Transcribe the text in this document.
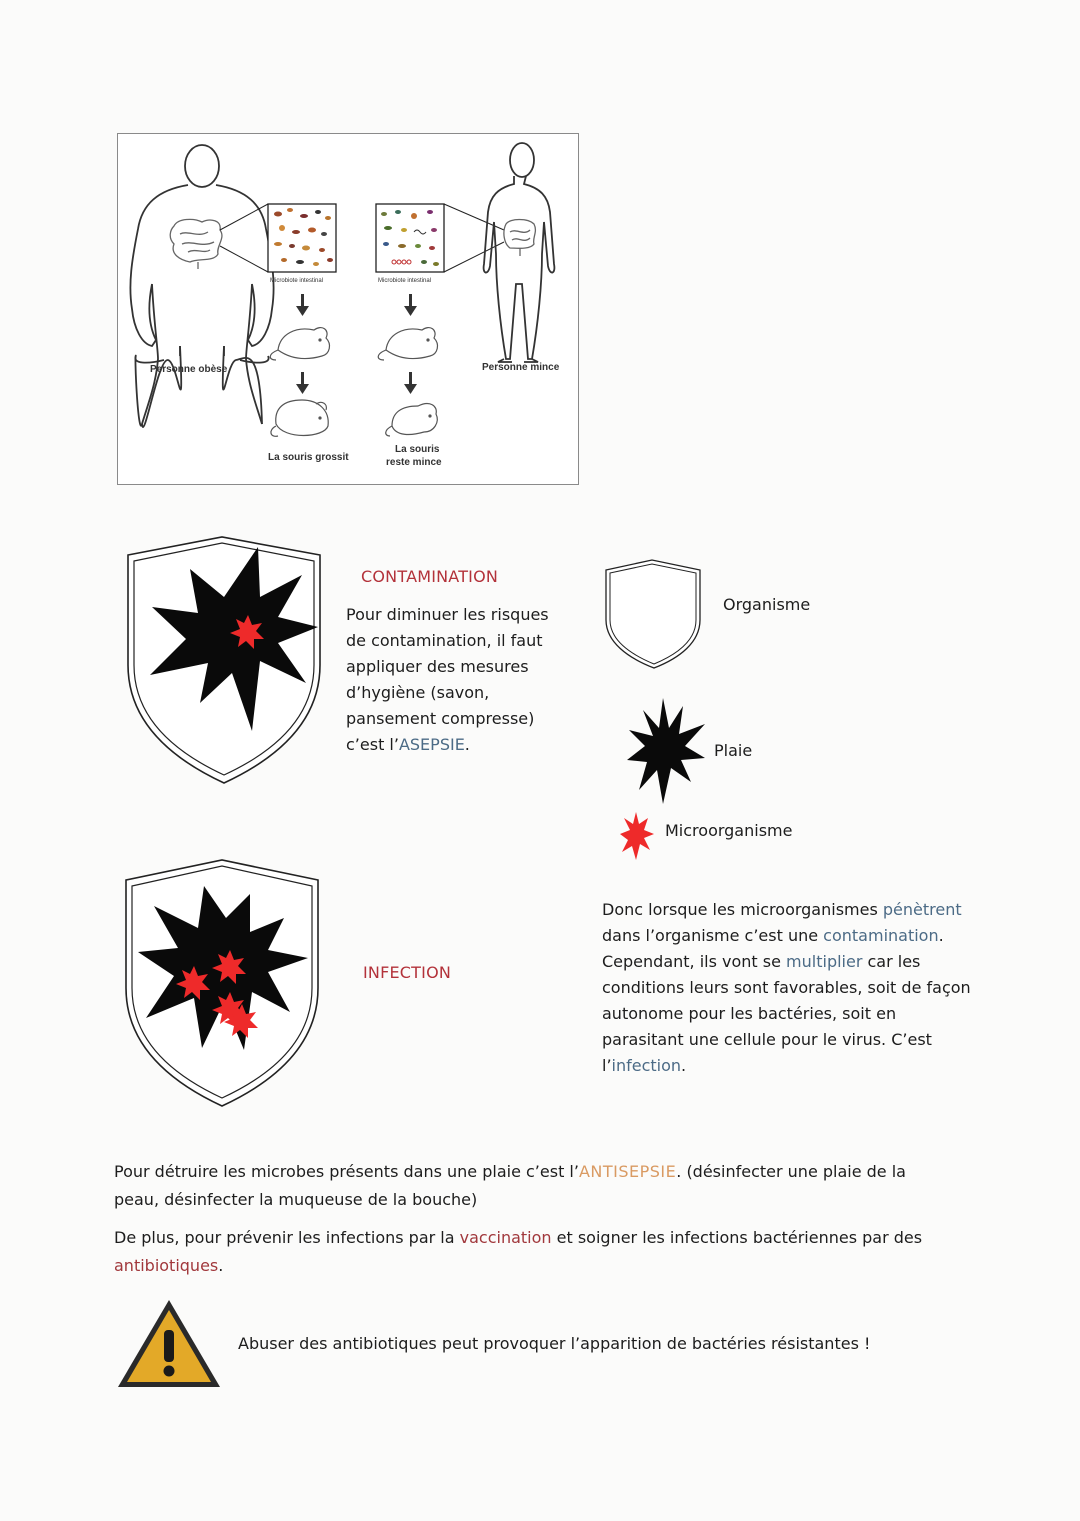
Personne obèse	Personne mince
Microbiote intestinal	Microbiote intestinal
La souris grossit
La souris
reste mince
CONTAMINATION
Pour diminuer les risques
de contamination, il faut
appliquer des mesures
d’hygiène (savon,
pansement compresse)
c’est l’ASEPSIE.
Organisme
Plaie
Microorganisme
INFECTION
Donc lorsque les microorganismes pénètrent
dans l’organisme c’est une contamination.
Cependant, ils vont se multiplier car les
conditions leurs sont favorables, soit de façon
autonome pour les bactéries, soit en
parasitant une cellule pour le virus. C’est
l’infection.
Pour détruire les microbes présents dans une plaie c’est l’ANTISEPSIE. (désinfecter une plaie de la
peau, désinfecter la muqueuse de la bouche)
De plus, pour prévenir les infections par la vaccination et soigner les infections bactériennes par des
antibiotiques.
Abuser des antibiotiques peut provoquer l’apparition de bactéries résistantes !
